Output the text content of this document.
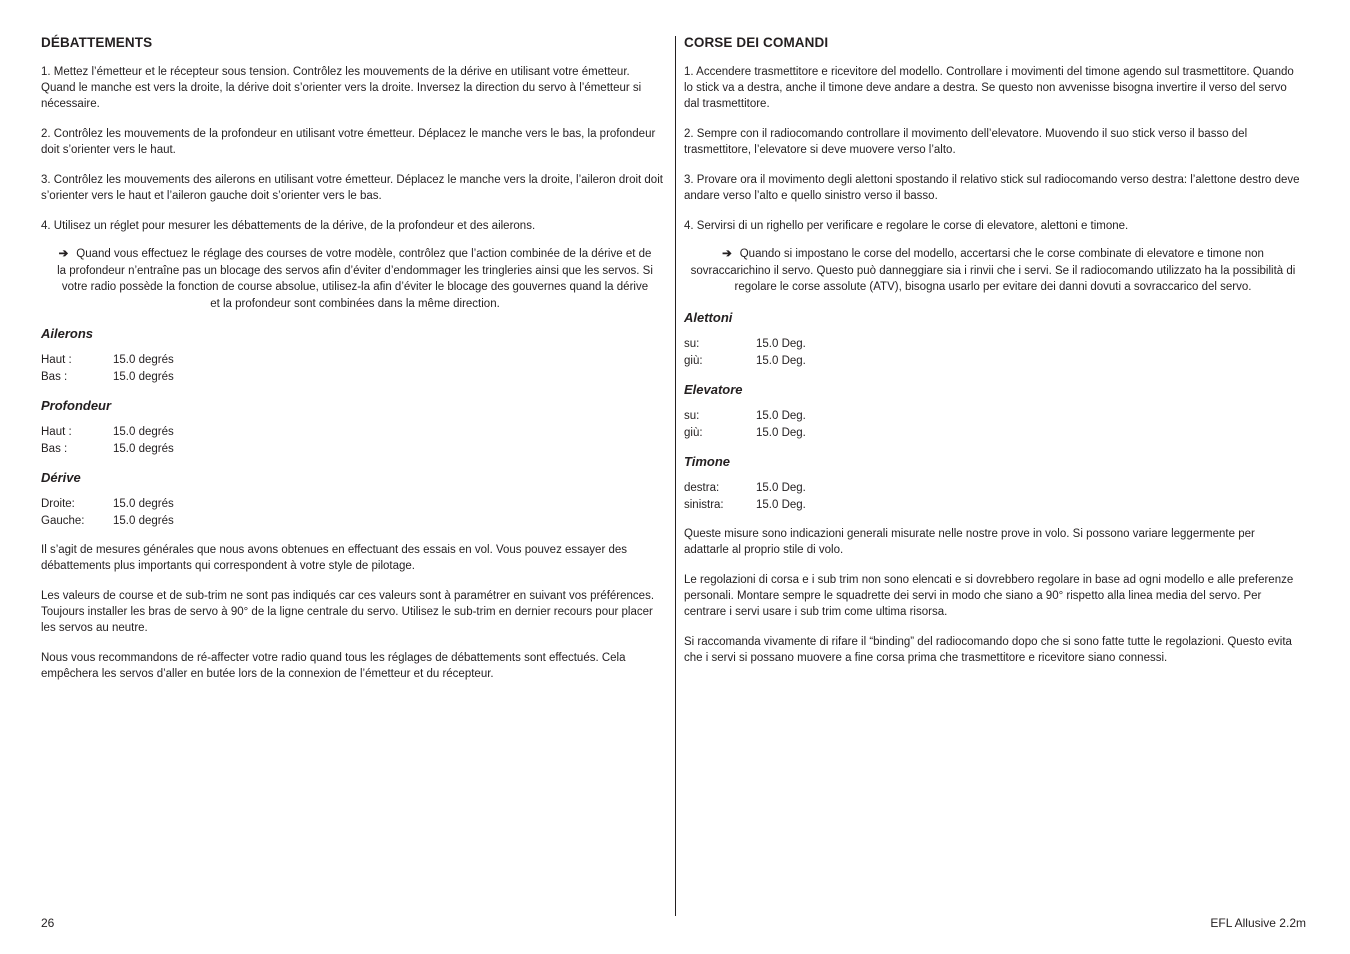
DÉBATTEMENTS

1. Mettez l’émetteur et le récepteur sous tension. Contrôlez les mouvements de la dérive en utilisant votre émetteur. Quand le manche est vers la droite, la dérive doit s’orienter vers la droite. Inversez la direction du servo à l’émetteur si nécessaire.

2. Contrôlez les mouvements de la profondeur en utilisant votre émetteur. Déplacez le manche vers le bas, la profondeur doit s’orienter vers le haut.

3. Contrôlez les mouvements des ailerons en utilisant votre émetteur. Déplacez le manche vers la droite, l’aileron droit doit s’orienter vers le haut et l’aileron gauche doit s’orienter vers le bas.

4. Utilisez un réglet pour mesurer les débattements de la dérive, de la profondeur et des ailerons.

➔ Quand vous effectuez le réglage des courses de votre modèle, contrôlez que l’action combinée de la dérive et de la profondeur n’entraîne pas un blocage des servos afin d’éviter d’endommager les tringleries ainsi que les servos. Si votre radio possède la fonction de course absolue, utilisez-la afin d’éviter le blocage des gouvernes quand la dérive et la profondeur sont combinées dans la même direction.
Ailerons
Haut :	15.0 degrés
Bas :	15.0 degrés
Profondeur
Haut :	15.0 degrés
Bas :	15.0 degrés
Dérive
Droite:	15.0 degrés
Gauche:	15.0 degrés

Il s’agit de mesures générales que nous avons obtenues en effectuant des essais en vol. Vous pouvez essayer des débattements plus importants qui correspondent à votre style de pilotage.

Les valeurs de course et de sub-trim ne sont pas indiqués car ces valeurs sont à paramétrer en suivant vos préférences. Toujours installer les bras de servo à 90° de la ligne centrale du servo. Utilisez le sub-trim en dernier recours pour placer les servos au neutre.

Nous vous recommandons de ré-affecter votre radio quand tous les réglages de débattements sont effectués. Cela empêchera les servos d’aller en butée lors de la connexion de l’émetteur et du récepteur.

CORSE DEI COMANDI

1. Accendere trasmettitore e ricevitore del modello. Controllare i movimenti del timone agendo sul trasmettitore. Quando lo stick va a destra, anche il timone deve andare a destra. Se questo non avvenisse bisogna invertire il verso del servo dal trasmettitore.

2. Sempre con il radiocomando controllare il movimento dell’elevatore. Muovendo il suo stick verso il basso del trasmettitore, l’elevatore si deve muovere verso l’alto.

3. Provare ora il movimento degli alettoni spostando il relativo stick sul radiocomando verso destra: l’alettone destro deve andare verso l’alto e quello sinistro verso il basso.

4. Servirsi di un righello per verificare e regolare le corse di elevatore, alettoni e timone.

➔ Quando si impostano le corse del modello, accertarsi che le corse combinate di elevatore e timone non sovraccarichino il servo. Questo può danneggiare sia i rinvii che i servi. Se il radiocomando utilizzato ha la possibilità di regolare le corse assolute (ATV), bisogna usarlo per evitare dei danni dovuti a sovraccarico del servo.
Alettoni
su:	15.0 Deg.
giù:	15.0 Deg.
Elevatore
su:	15.0 Deg.
giù:	15.0 Deg.
Timone
destra:	15.0 Deg.
sinistra:	15.0 Deg.

Queste misure sono indicazioni generali misurate nelle nostre prove in volo. Si possono variare leggermente per adattarle al proprio stile di volo.

Le regolazioni di corsa e i sub trim non sono elencati e si dovrebbero regolare in base ad ogni modello e alle preferenze personali. Montare sempre le squadrette dei servi in modo che siano a 90° rispetto alla linea media del servo. Per centrare i servi usare i sub trim come ultima risorsa.

Si raccomanda vivamente di rifare il “binding” del radiocomando dopo che si sono fatte tutte le regolazioni. Questo evita che i servi si possano muovere a fine corsa prima che trasmettitore e ricevitore siano connessi.

26	EFL Allusive 2.2m
